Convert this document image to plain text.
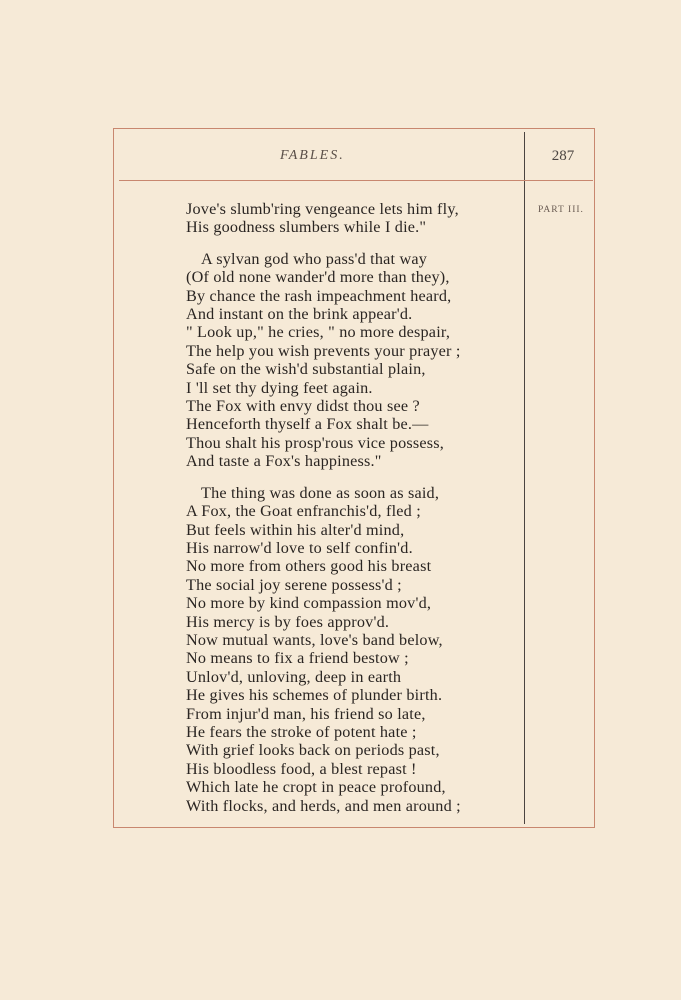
FABLES.	287
PART III.
Jove's slumb'ring vengeance lets him fly,
His goodness slumbers while I die."
A sylvan god who pass'd that way
(Of old none wander'd more than they),
By chance the rash impeachment heard,
And instant on the brink appear'd.
" Look up," he cries, " no more despair,
The help you wish prevents your prayer ;
Safe on the wish'd substantial plain,
I 'll set thy dying feet again.
The Fox with envy didst thou see ?
Henceforth thyself a Fox shalt be.—
Thou shalt his prosp'rous vice possess,
And taste a Fox's happiness."
The thing was done as soon as said,
A Fox, the Goat enfranchis'd, fled ;
But feels within his alter'd mind,
His narrow'd love to self confin'd.
No more from others good his breast
The social joy serene possess'd ;
No more by kind compassion mov'd,
His mercy is by foes approv'd.
Now mutual wants, love's band below,
No means to fix a friend bestow ;
Unlov'd, unloving, deep in earth
He gives his schemes of plunder birth.
From injur'd man, his friend so late,
He fears the stroke of potent hate ;
With grief looks back on periods past,
His bloodless food, a blest repast !
Which late he cropt in peace profound,
With flocks, and herds, and men around ;
